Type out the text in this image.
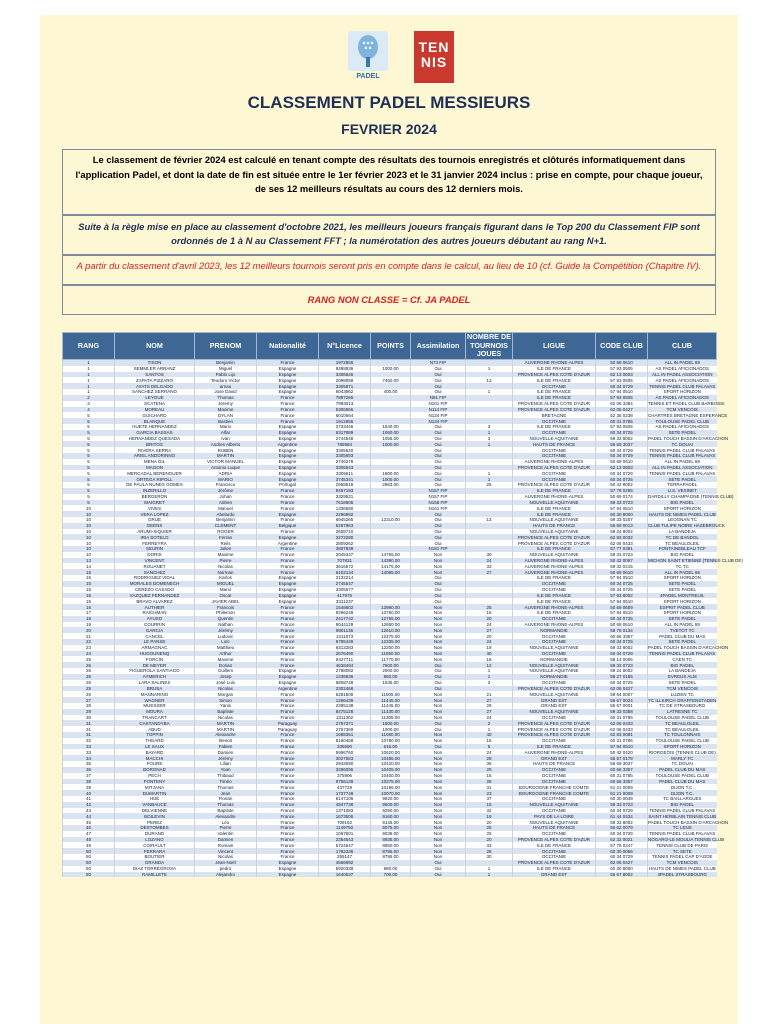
PADEL
TEN
NIS
CLASSEMENT PADEL MESSIEURS
FEVRIER 2024

Le classement de février 2024 est calculé en tenant compte des résultats des tournois enregistrés et clôturés informatiquement dans l'application Padel, et dont la date de fin est située entre le 1er février 2023 et le 31 janvier 2024 inclus : prise en compte, pour chaque joueur, de ses 12 meilleurs résultats au cours des 12 derniers mois.

Suite à la règle mise en place au classement d'octobre 2021, les meilleurs joueurs français figurant dans le Top 200 du Classement FIP sont ordonnés de 1 à N au Classement FFT ; la numérotation des autres joueurs débutant au rang N+1.

A partir du classement d'avril 2023, les 12 meilleurs tournois seront pris en compte dans le calcul, au lieu de 10 (cf. Guide la Compétition (Chapitre IV).

RANG NON CLASSE = Cf. JA PADEL

RANG	NOM	PRENOM	Nationalité	N°Licence	POINTS	Assimilation	NOMBRE DE TOURNOIS JOUES	LIGUE	CODE CLUB	CLUB
1	TISON	Benjamin	France	1972856		N73 FIP		AUVERGNE RHONE-ALPES	50 69 0610	ALL IN PADEL 69
1	SEMMLER ARRANZ	Miguel	Espagne	9368936	1000.00	Oui	1	ILE DE FRANCE	57 93 0505	AS PADEL AFICIONADOS
1	SANTOS	Pablo Lijo	Espagne	3306546		Oui		PROVENCE ALPES COTE D'AZUR	62 13 0603	ALL IN PADEL ASSOCIATION
1	ZAPATA PIZZARO	Teodoro Victor	Espagne	2098059	7450.00	Oui	13	ILE DE FRANCE	57 93 0505	AS PADEL AFICIONADOS
1	AYATS DELGADO	arnau	Espagne	3305871		Oui		OCCITANIE	60 34 0729	TENNIS PADEL CLUB PALAVAS
1	SANCHEZ SERRANO	Jose David	Espagne	6043962	400.00	Oui	1	ILE DE FRANCE	57 94 0510	SPORT HORIZON
2	LEYGUE	Thomas	France	7897265		N81 FIP		ILE DE FRANCE	57 93 0505	AS PADEL AFICIONADOS
3	SCATENA	Jeremy	France	7993013		N101 FIP		PROVENCE ALPES COTE D'AZUR	62 06 3384	TENNIS ET PADEL CLUB BARBOSSI
4	MOREAU	Maxime	France	5306966		N114 FIP		PROVENCE ALPES COTE D'AZUR	62 06 0427	TCM VENCOIS
5	GUICHARD	DYLAN	France	6010564		N134 FIP		BRETAGNE	52 35 0238	CHARTRES BRETAGNE ESPERANCE
5	BLANQUE	Bastien	France	1912656		N134 FIP		OCCITANIE	60 31 0785	TOULOUSE PADEL CLUB
5	HUETE HERNANDEZ	Mario	Espagne	2733446	1540.00	Oui	3	ILE DE FRANCE	57 93 0505	AS PADEL AFICIONADOS
5	GARCIA BASSAS	Alfar	Espagne	6317889	1060.00	Oui	1	OCCITANIE	60 34 0725	SETE PADEL
5	HERNANDEZ QUESADA	Ivan	Espagne	2744548	1055.00	Oui	3	NOUVELLE AQUITAINE	59 33 8002	PADEL TOUCH BASSIN D'ARCACHON
5	BRITOS	Andres Alberto	Argentine	785984	1000.00	Oui	1	HAUTS DE FRANCE	56 59 3037	TC DOUAI
5	RIVERA SERRA	RUBEN	Espagne	3305620		Oui		OCCITANIE	60 34 0729	TENNIS PADEL CLUB PALAVAS
5	ARIEL ANDORINNO	MARTIN	Espagne	3305693		Oui		OCCITANIE	60 34 0729	TENNIS PADEL CLUB PALAVAS
5	MENA GIL	VICTOR MANUEL	Espagne	2746278		Oui		AUVERGNE RHONE-ALPES	50 69 0610	ALL IN PADEL 69
5	MAGON	Antonio Luque	Espagne	3306543		Oui		PROVENCE ALPES COTE D'AZUR	62 13 0603	ALL IN PADEL ASSOCIATION
5	MERCADAL BERENGUER	ADRIA	Espagne	3305611	1600.00	Oui	1	OCCITANIE	60 34 0729	TENNIS PADEL CLUB PALAVAS
5	ORTEGA RIPOLL	MARIO	Espagne	3745341	1000.00	Oui	1	OCCITANIE	60 34 0725	SETE PADEL
5	DE PAULA NUNES GOMES	Francisco	Portugal	2958518	2883.00	Oui	25	PROVENCE ALPES COTE D'AZUR	50 42 8002	TERRAPADEL
5	INZERILLO	Jérôme	France	9457193		N157 FIP		ILE DE FRANCE	57 78 0265	U.S. VESINET
5	BERGERON	Johan	France	2329531		N157 FIP		AUVERGNE RHONE-ALPES	50 69 0174	DARDILLY CHAMPAGNE (TENNIS CLUB)
5	MAIGRET	Adrien	France	7618905		N158 FIP		NOUVELLE AQUITAINE	59 33 0723	BIG PADEL
10	VIVES	Manuel	France	1336580		N161 FIP		ILE DE FRANCE	57 94 0510	SPORT HORIZON
10	VERA LOPEZ	Abelardo	Espagne	2296992		Oui		ILE DE FRANCE	60 30 8000	HAUTS DE NIMES PADEL CLUB
10	GRUE	Benjamin	France	6945265	12310.00	Oui	13	NOUVELLE AQUITAINE	59 33 0207	LEOGNAN TC
10	GEENS	CLEMENT	Belgique	5267963		Oui		HAUTS DE FRANCE	56 59 0013	CLUB TULIPE NOIRE HAZEBROUCK
10	ARUMI-SIQUIER	ROGER	France	2608710		Oui		NOUVELLE AQUITAINE	59 24 8002	LA BANDEJA
10	IRIA SOTELO	Ferran	Espagne	3272280		Oui		PROVENCE ALPES COTE D'AZUR	62 83 0032	TC DE BANDOL
10	FERREYRA	Reils	Argentine	2809262		Oui		PROVENCE ALPES COTE D'AZUR	62 06 0433	TC BEAULOLEIL
10	SEURIN	Julien	France	3807839		N181 FIP		ILE DE FRANCE	57 77 0391	FONTAINEBLEAU TCF
10	DORIS	Maxime	France	2045337	14765.00	Non	30	NOUVELLE AQUITAINE	59 33 0723	BIG PADEL
13	VINCENT	Pierre	France	707831	14390.00	Non	24	AUVERGNE RHONE-ALPES	50 42 0097	MICHON SAINT ETIENNE (TENNIS CLUB DE)
14	ROUANET	Nicolas	France	3616572	14175.00	Non	33	AUVERGNE RHONE-ALPES	59 32 0215	TC TC
15	SANCHEZ	Norman	France	6102134	14095.00	Non	27	AUVERGNE RHONE-ALPES	50 69 0610	ALL IN PADEL 69
15	RODRIGUEZ VIDAL	Karlos	Espagne	2132214		Oui		ILE DE FRANCE	57 94 0510	SPORT HORIZON
15	MORALES DOMENECH	MIGUEL	Espagne	2745547		Oui		OCCITANIE	60 34 0725	SETE PADEL
15	CEREZO CASADO	Mario	Espagne	3305577		Oui		OCCITANIE	60 34 0725	SETE PADEL
15	VAZQUEZ FERNANDEZ	Oscar	Espagne	417975		Oui		ILE DE FRANCE	57 93 8002	4PADEL MONTREUIL
15	BRAVO ALVAREZ	JAVIER ABEL	Espagne	3311237		Oui		ILE DE FRANCE	57 94 0510	SPORT HORIZON
16	AUTHIER	Francois	France	1548602	13990.00	Non	25	AUVERGNE RHONE-ALPES	50 69 0609	ESPRIT PADEL CLUB
17	RAICHMAN	Philemon	France	9266248	13750.00	Non	16	ILE DE FRANCE	57 94 0510	SPORT HORIZON
18	AYUSO	Quentin	France	2417742	12755.00	Non	20	OCCITANIE	60 34 0725	SETE PADEL
19	COURRIN	Nathan	France	8044129	12650.00	Non	24	AUVERGNE RHONE-ALPES	50 69 0610	ALL IN PADEL 69
20	GARCIA	Jérémy	France	9801136	12610.00	Non	27	NORMANDIE	58 76 0134	TVETOT TC
21	CANCEL	Ludovic	France	1311673	12475.00	Non	20	OCCITANIE	60 66 3357	PADEL CLUB DU MAS
22	LE PANSE	Loïc	France	6785449	12335.00	Non	24	OCCITANIE	60 34 0725	SETE PADEL
23	ARMAGNAC	Matthieu	France	6313283	12200.00	Non	19	NOUVELLE AQUITAINE	59 33 8002	PADEL TOUCH BASSIN D'ARCACHON
24	HUGOUNENQ	Arthur	France	2676490	11950.00	Non	40	OCCITANIE	60 34 0729	TENNIS PADEL CLUB PALAVAS
25	FORCIN	Maxime	France	9427711	11770.00	Non	16	NORMANDIE	58 14 0006	CAEN TC
26	DE MEYER	Dorian	France	4638494	7600.00	Oui	12	NOUVELLE AQUITAINE	59 33 0723	BIG PADEL
26	FIGUEROLA SANTIAGO	Guillem	Espagne	2788082	2000.00	Oui	1	NOUVELLE AQUITAINE	59 24 8002	LA BANDEJA
26	AYMERICH	Josep	Espagne	1338636	880.00	Oui	1	NORMANDIE	58 27 0185	EVREUX ALM
26	LARA SALINES	José Luis	Espagne	5808748	1635.00	Oui	3	OCCITANIE	60 34 0725	SETE PADEL
25	BRUSA	Nicolas	Argentine	2302468		Oui		PROVENCE ALPES COTE D'AZUR	62 06 0427	TCM VENCOIS
26	MANNARINO	Morgan	France	6281809	11505.00	Non	21	NOUVELLE AQUITAINE	59 64 0007	LUZIEN TC
27	WAGNER	Simon	France	1266439	11445.00	Non	27	GRAND EST	55 67 0024	TC ILLKIRCH GRAFFENSTADEN
28	MUESSER	Yanis	France	2395138	11445.00	Non	29	GRAND EST	55 67 0001	TC DE STRASBOURG
29	MOURA	Baptiste	France	8475128	11430.00	Non	27	NOUVELLE AQUITAINE	59 33 0358	LATRESNE TC
30	TRANCART	Nicolas	France	1311302	11305.00	Non	24	OCCITANIE	60 31 0785	TOULOUSE PADEL CLUB
31	CASTANDYBA	MARTIN	Paraguay	2757371	1500.00	Oui	2	PROVENCE ALPES COTE D'AZUR	62 06 0433	TC BEAULOLEIL
31	ABUD	MARTIN	Paraguay	2757369	1000.00	Oui	1	PROVENCE ALPES COTE D'AZUR	62 06 0433	TC BEAULOLEIL
31	TOPPIN	Alexandre	France	1688351	11080.00	Non	40	PROVENCE ALPES COTE D'AZUR	62 83 0081	TC TOULONNAIS
32	THEARD	Benoit	France	8160468	10780.00	Non	15	OCCITANIE	60 31 0785	TOULOUSE PADEL CLUB
33	LE SAUX	Fabien	France	335690	616.00	Oui	5	ILE DE FRANCE	57 94 0510	SPORT HORIZON
33	BAYARD	Damien	France	5996760	10620.00	Non	24	AUVERGNE RHONE-ALPES	50 42 0420	RIORGEOIS (TENNIS CLUB DE)
34	MACCHI	Jérémy	France	3027583	10485.00	Non	28	GRAND EST	55 57 0179	MARLY TC
35	FOURE	Lilian	France	2943090	10420.00	Non	36	HAUTS DE FRANCE	56 59 3037	TC DOUAI
36	BORONAD	Yoan	France	3296095	10405.00	Non	29	OCCITANIE	60 66 3357	PADEL CLUB DU MAS
37	PECH	Thibaud	France	375906	10400.00	Non	15	OCCITANIE	60 31 0785	TOULOUSE PADEL CLUB
38	FONTENY	Timéo	France	9756139	10275.00	Non	26	OCCITANIE	60 66 3357	PADEL CLUB DU MAS
39	MITJANA	Thomas	France	437729	10195.00	Non	31	BOURGOGNE FRANCHE COMTE	51 21 0009	DIJON T.C.
40	DUMARTIN	Jean	France	1737748	10070.00	Non	23	BOURGOGNE FRANCHE COMTE	51 21 0009	DIJON T.C.
41	HUE	Florian	France	6147106	9920.00	Non	37	OCCITANIE	60 30 0049	TC BAILLARGUES
42	VANBAUCE	Thomas	France	4847738	9500.00	Non	15	NOUVELLE AQUITAINE	59 33 0723	BIG PADEL
43	DELVIENNE	Baptiste	France	1371083	9290.00	Non	32	OCCITANIE	60 34 0729	TENNIS PADEL CLUB PALAVAS
44	BOILEVIN	Alexandre	France	1673506	9160.00	Non	19	PAYS DE LA LOIRE	61 44 0434	SAINT HERBLAIN TENNIS CLUB
45	PEREZ	Léo	France	709192	9145.00	Non	20	NOUVELLE AQUITAINE	59 33 8002	PADEL TOUCH BASSIN D'ARCACHON
46	DESTOMBES	Pierre	France	1149750	9075.00	Non	25	HAUTS DE FRANCE	56 62 0079	TC LENS
47	DURAND	Valentin	France	1067601	9035.00	Non	25	OCCITANIE	60 34 0729	TENNIS PADEL CLUB PALAVAS
48	LOZANO	Damien	France	2364543	8935.00	Non	20	PROVENCE ALPES COTE D'AZUR	62 32 0021	NOGARO-LE MOULIA TENNIS CLUB
49	COIRAULT	Romain	France	5724547	8850.00	Non	33	ILE DE FRANCE	57 75 0247	TENNIS CLUB DE PARIS
50	FERRARA	Vincent	France	1792336	8795.00	Non	28	OCCITANIE	60 30 0056	TC SETE
50	BOUTIER	Nicolas	France	255147	8795.00	Non	30	OCCITANIE	60 34 0729	TENNIS PADEL CAP D'AGDE
50	GRANDA	Jean-Noël	Espagne	4566992		Oui		PROVENCE ALPES COTE D'AZUR	62 06 0427	TCM VENCOIS
50	DIAZ TORREGROSA	pedro	Espagne	5920338	880.00	Oui	1	ILE DE FRANCE	60 30 8000	HAUTS DE NIMES PADEL CLUB
50	RAMILLETE	Alejandro	Espagne	1640537	700.00	Oui	1	GRAND EST	55 67 8002	4PADEL STRASBOURG
